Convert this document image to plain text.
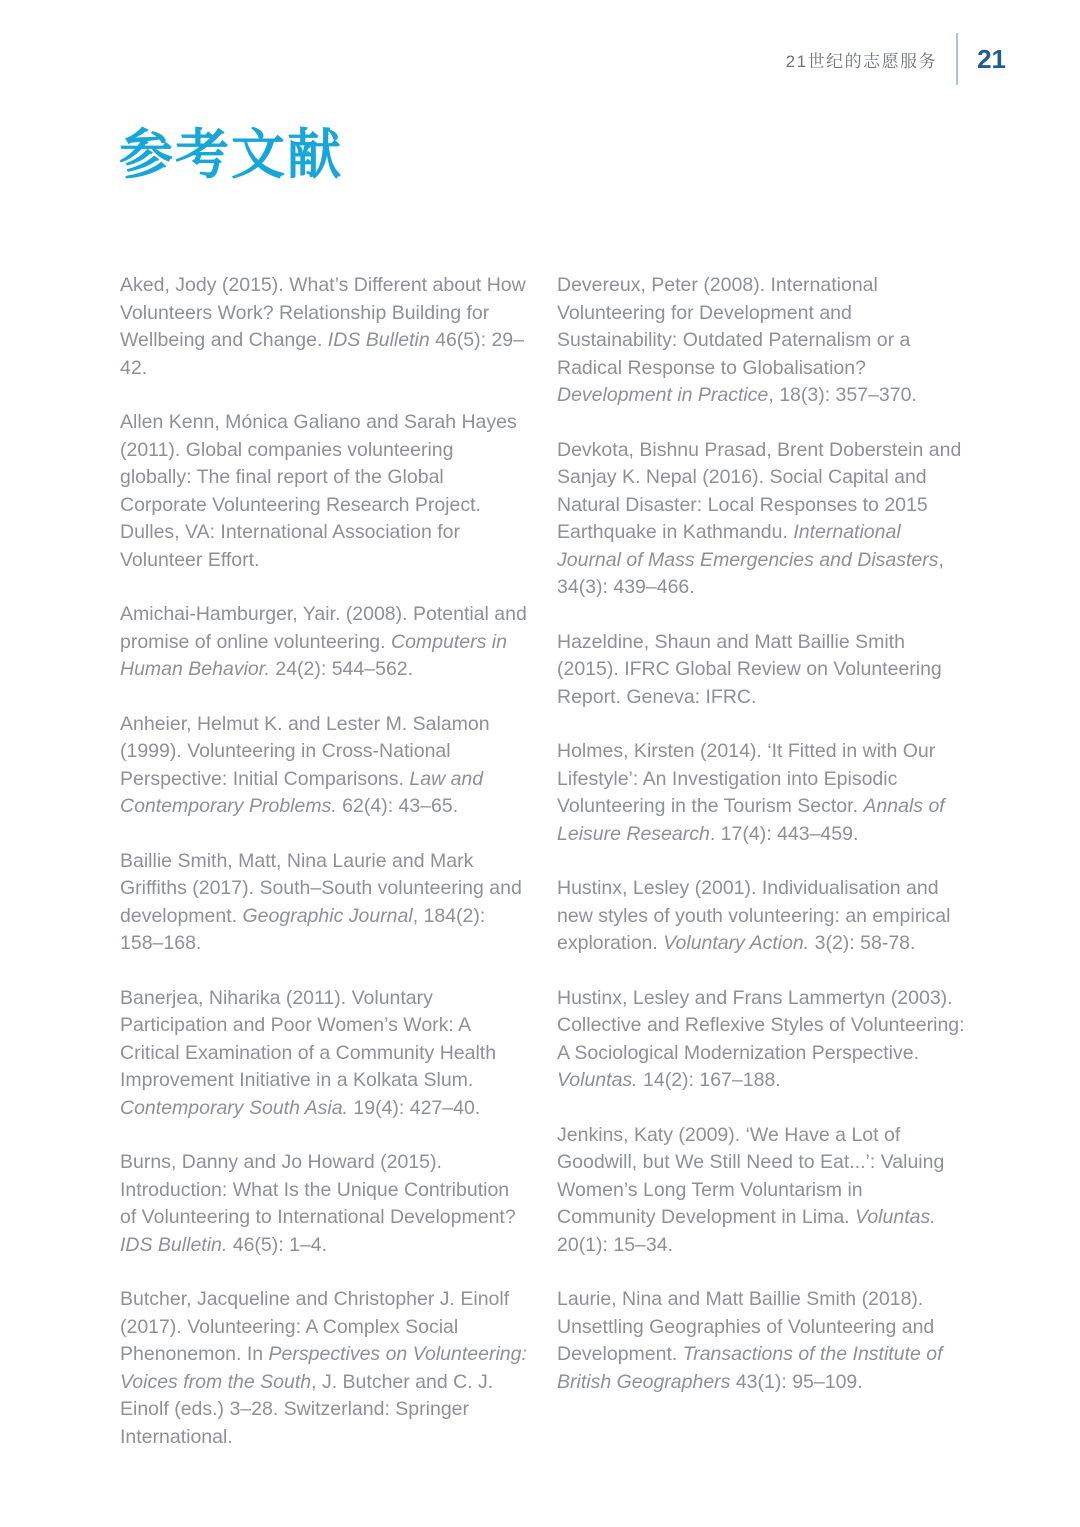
21世纪的志愿服务 21
参考文献

Aked, Jody (2015). What’s Different about How Volunteers Work? Relationship Building for Wellbeing and Change. IDS Bulletin 46(5): 29–42.

Allen Kenn, Mónica Galiano and Sarah Hayes (2011). Global companies volunteering globally: The final report of the Global Corporate Volunteering Research Project. Dulles, VA: International Association for Volunteer Effort.

Amichai-Hamburger, Yair. (2008). Potential and promise of online volunteering. Computers in Human Behavior. 24(2): 544–562.

Anheier, Helmut K. and Lester M. Salamon (1999). Volunteering in Cross-National Perspective: Initial Comparisons. Law and Contemporary Problems. 62(4): 43–65.

Baillie Smith, Matt, Nina Laurie and Mark Griffiths (2017). South–South volunteering and development. Geographic Journal, 184(2): 158–168.

Banerjea, Niharika (2011). Voluntary Participation and Poor Women’s Work: A Critical Examination of a Community Health Improvement Initiative in a Kolkata Slum. Contemporary South Asia. 19(4): 427–40.

Burns, Danny and Jo Howard (2015). Introduction: What Is the Unique Contribution of Volunteering to International Development? IDS Bulletin. 46(5): 1–4.

Butcher, Jacqueline and Christopher J. Einolf (2017). Volunteering: A Complex Social Phenonemon. In Perspectives on Volunteering: Voices from the South, J. Butcher and C. J. Einolf (eds.) 3–28. Switzerland: Springer International.

Devereux, Peter (2008). International Volunteering for Development and Sustainability: Outdated Paternalism or a Radical Response to Globalisation? Development in Practice, 18(3): 357–370.

Devkota, Bishnu Prasad, Brent Doberstein and Sanjay K. Nepal (2016). Social Capital and Natural Disaster: Local Responses to 2015 Earthquake in Kathmandu. International Journal of Mass Emergencies and Disasters, 34(3): 439–466.

Hazeldine, Shaun and Matt Baillie Smith (2015). IFRC Global Review on Volunteering Report. Geneva: IFRC.

Holmes, Kirsten (2014). ‘It Fitted in with Our Lifestyle’: An Investigation into Episodic Volunteering in the Tourism Sector. Annals of Leisure Research. 17(4): 443–459.

Hustinx, Lesley (2001). Individualisation and new styles of youth volunteering: an empirical exploration. Voluntary Action. 3(2): 58-78.

Hustinx, Lesley and Frans Lammertyn (2003). Collective and Reflexive Styles of Volunteering: A Sociological Modernization Perspective. Voluntas. 14(2): 167–188.

Jenkins, Katy (2009). ‘We Have a Lot of Goodwill, but We Still Need to Eat...’: Valuing Women’s Long Term Voluntarism in Community Development in Lima. Voluntas. 20(1): 15–34.

Laurie, Nina and Matt Baillie Smith (2018). Unsettling Geographies of Volunteering and Development. Transactions of the Institute of British Geographers 43(1): 95–109.
